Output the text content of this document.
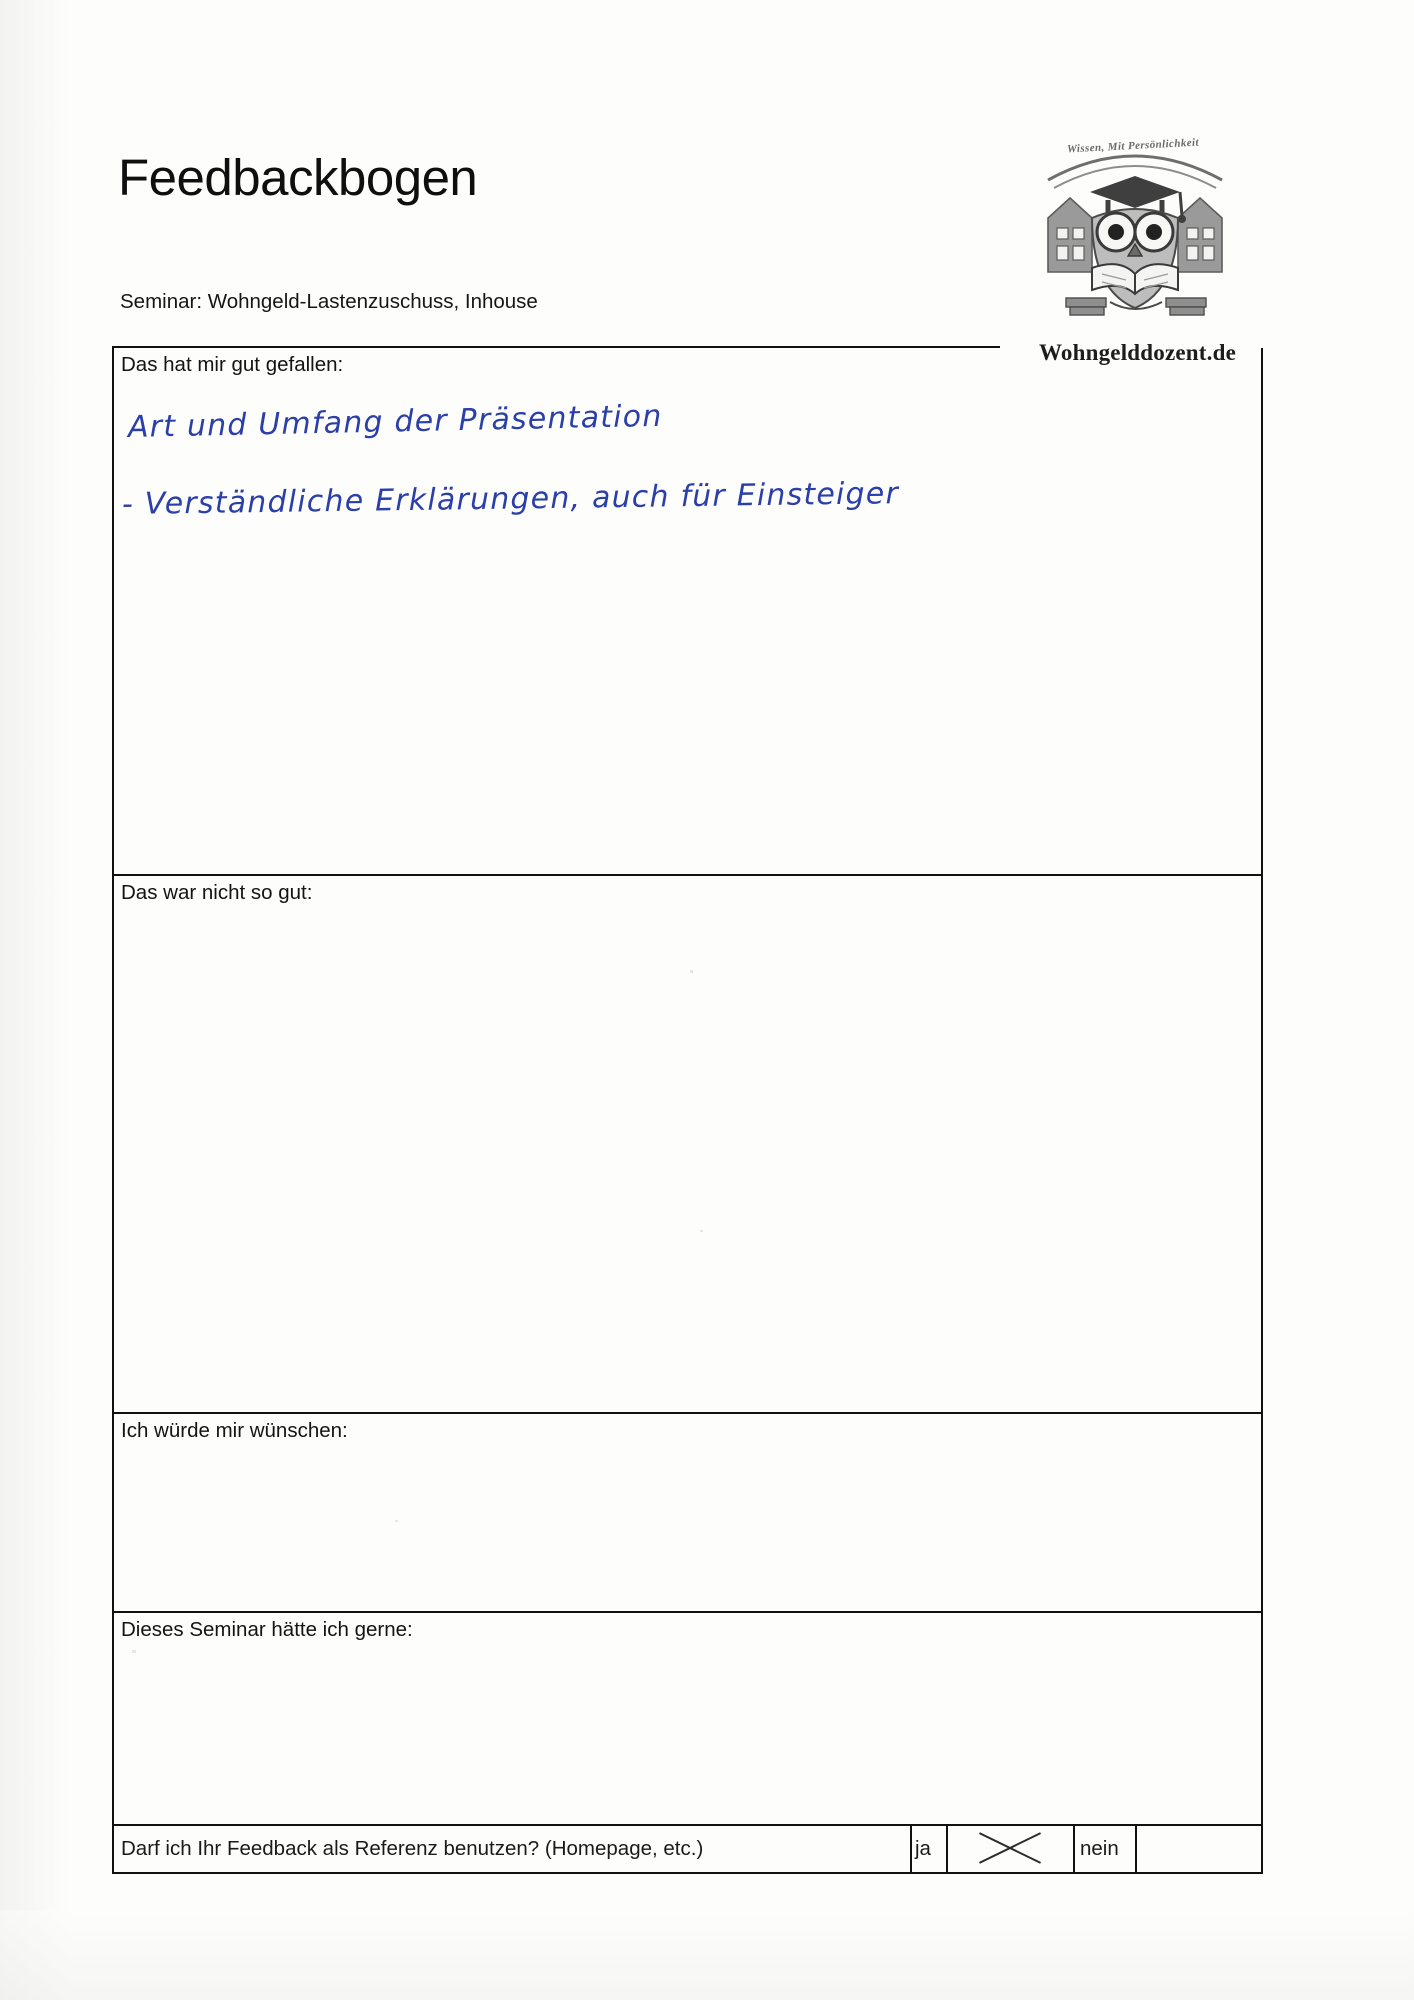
Feedbackbogen
Seminar: Wohngeld-Lastenzuschuss, Inhouse
Wissen, Mit Persönlichkeit
Wohngelddozent.de
Das hat mir gut gefallen:
Das war nicht so gut:
Ich würde mir wünschen:
Dieses Seminar hätte ich gerne:
Darf ich Ihr Feedback als Referenz benutzen? (Homepage, etc.)	ja	nein
Art und Umfang der Präsentation
- Verständliche Erklärungen, auch für Einsteiger
